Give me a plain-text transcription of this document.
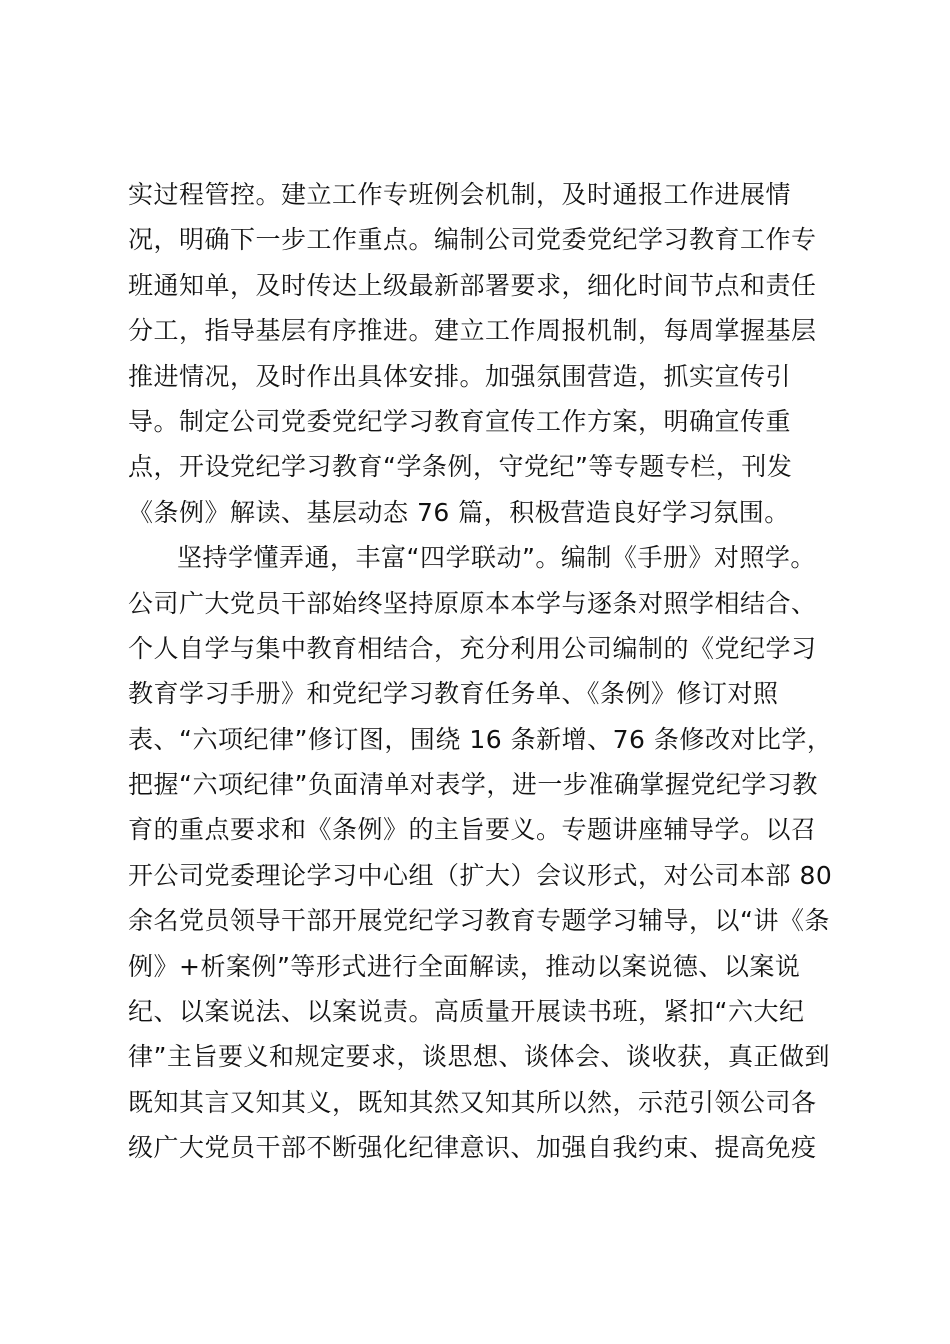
实过程管控。建立工作专班例会机制，及时通报工作进展情
况，明确下一步工作重点。编制公司党委党纪学习教育工作专
班通知单，及时传达上级最新部署要求，细化时间节点和责任
分工，指导基层有序推进。建立工作周报机制，每周掌握基层
推进情况，及时作出具体安排。加强氛围营造，抓实宣传引
导。制定公司党委党纪学习教育宣传工作方案，明确宣传重
点，开设党纪学习教育“学条例，守党纪”等专题专栏，刊发
《条例》解读、基层动态 76 篇，积极营造良好学习氛围。
坚持学懂弄通，丰富“四学联动”。编制《手册》对照学。
公司广大党员干部始终坚持原原本本学与逐条对照学相结合、
个人自学与集中教育相结合，充分利用公司编制的《党纪学习
教育学习手册》和党纪学习教育任务单、《条例》修订对照
表、“六项纪律”修订图，围绕 16 条新增、76 条修改对比学，
把握“六项纪律”负面清单对表学，进一步准确掌握党纪学习教
育的重点要求和《条例》的主旨要义。专题讲座辅导学。以召
开公司党委理论学习中心组（扩大）会议形式，对公司本部 80
余名党员领导干部开展党纪学习教育专题学习辅导，以“讲《条
例》+析案例”等形式进行全面解读，推动以案说德、以案说
纪、以案说法、以案说责。高质量开展读书班，紧扣“六大纪
律”主旨要义和规定要求，谈思想、谈体会、谈收获，真正做到
既知其言又知其义，既知其然又知其所以然，示范引领公司各
级广大党员干部不断强化纪律意识、加强自我约束、提高免疫
